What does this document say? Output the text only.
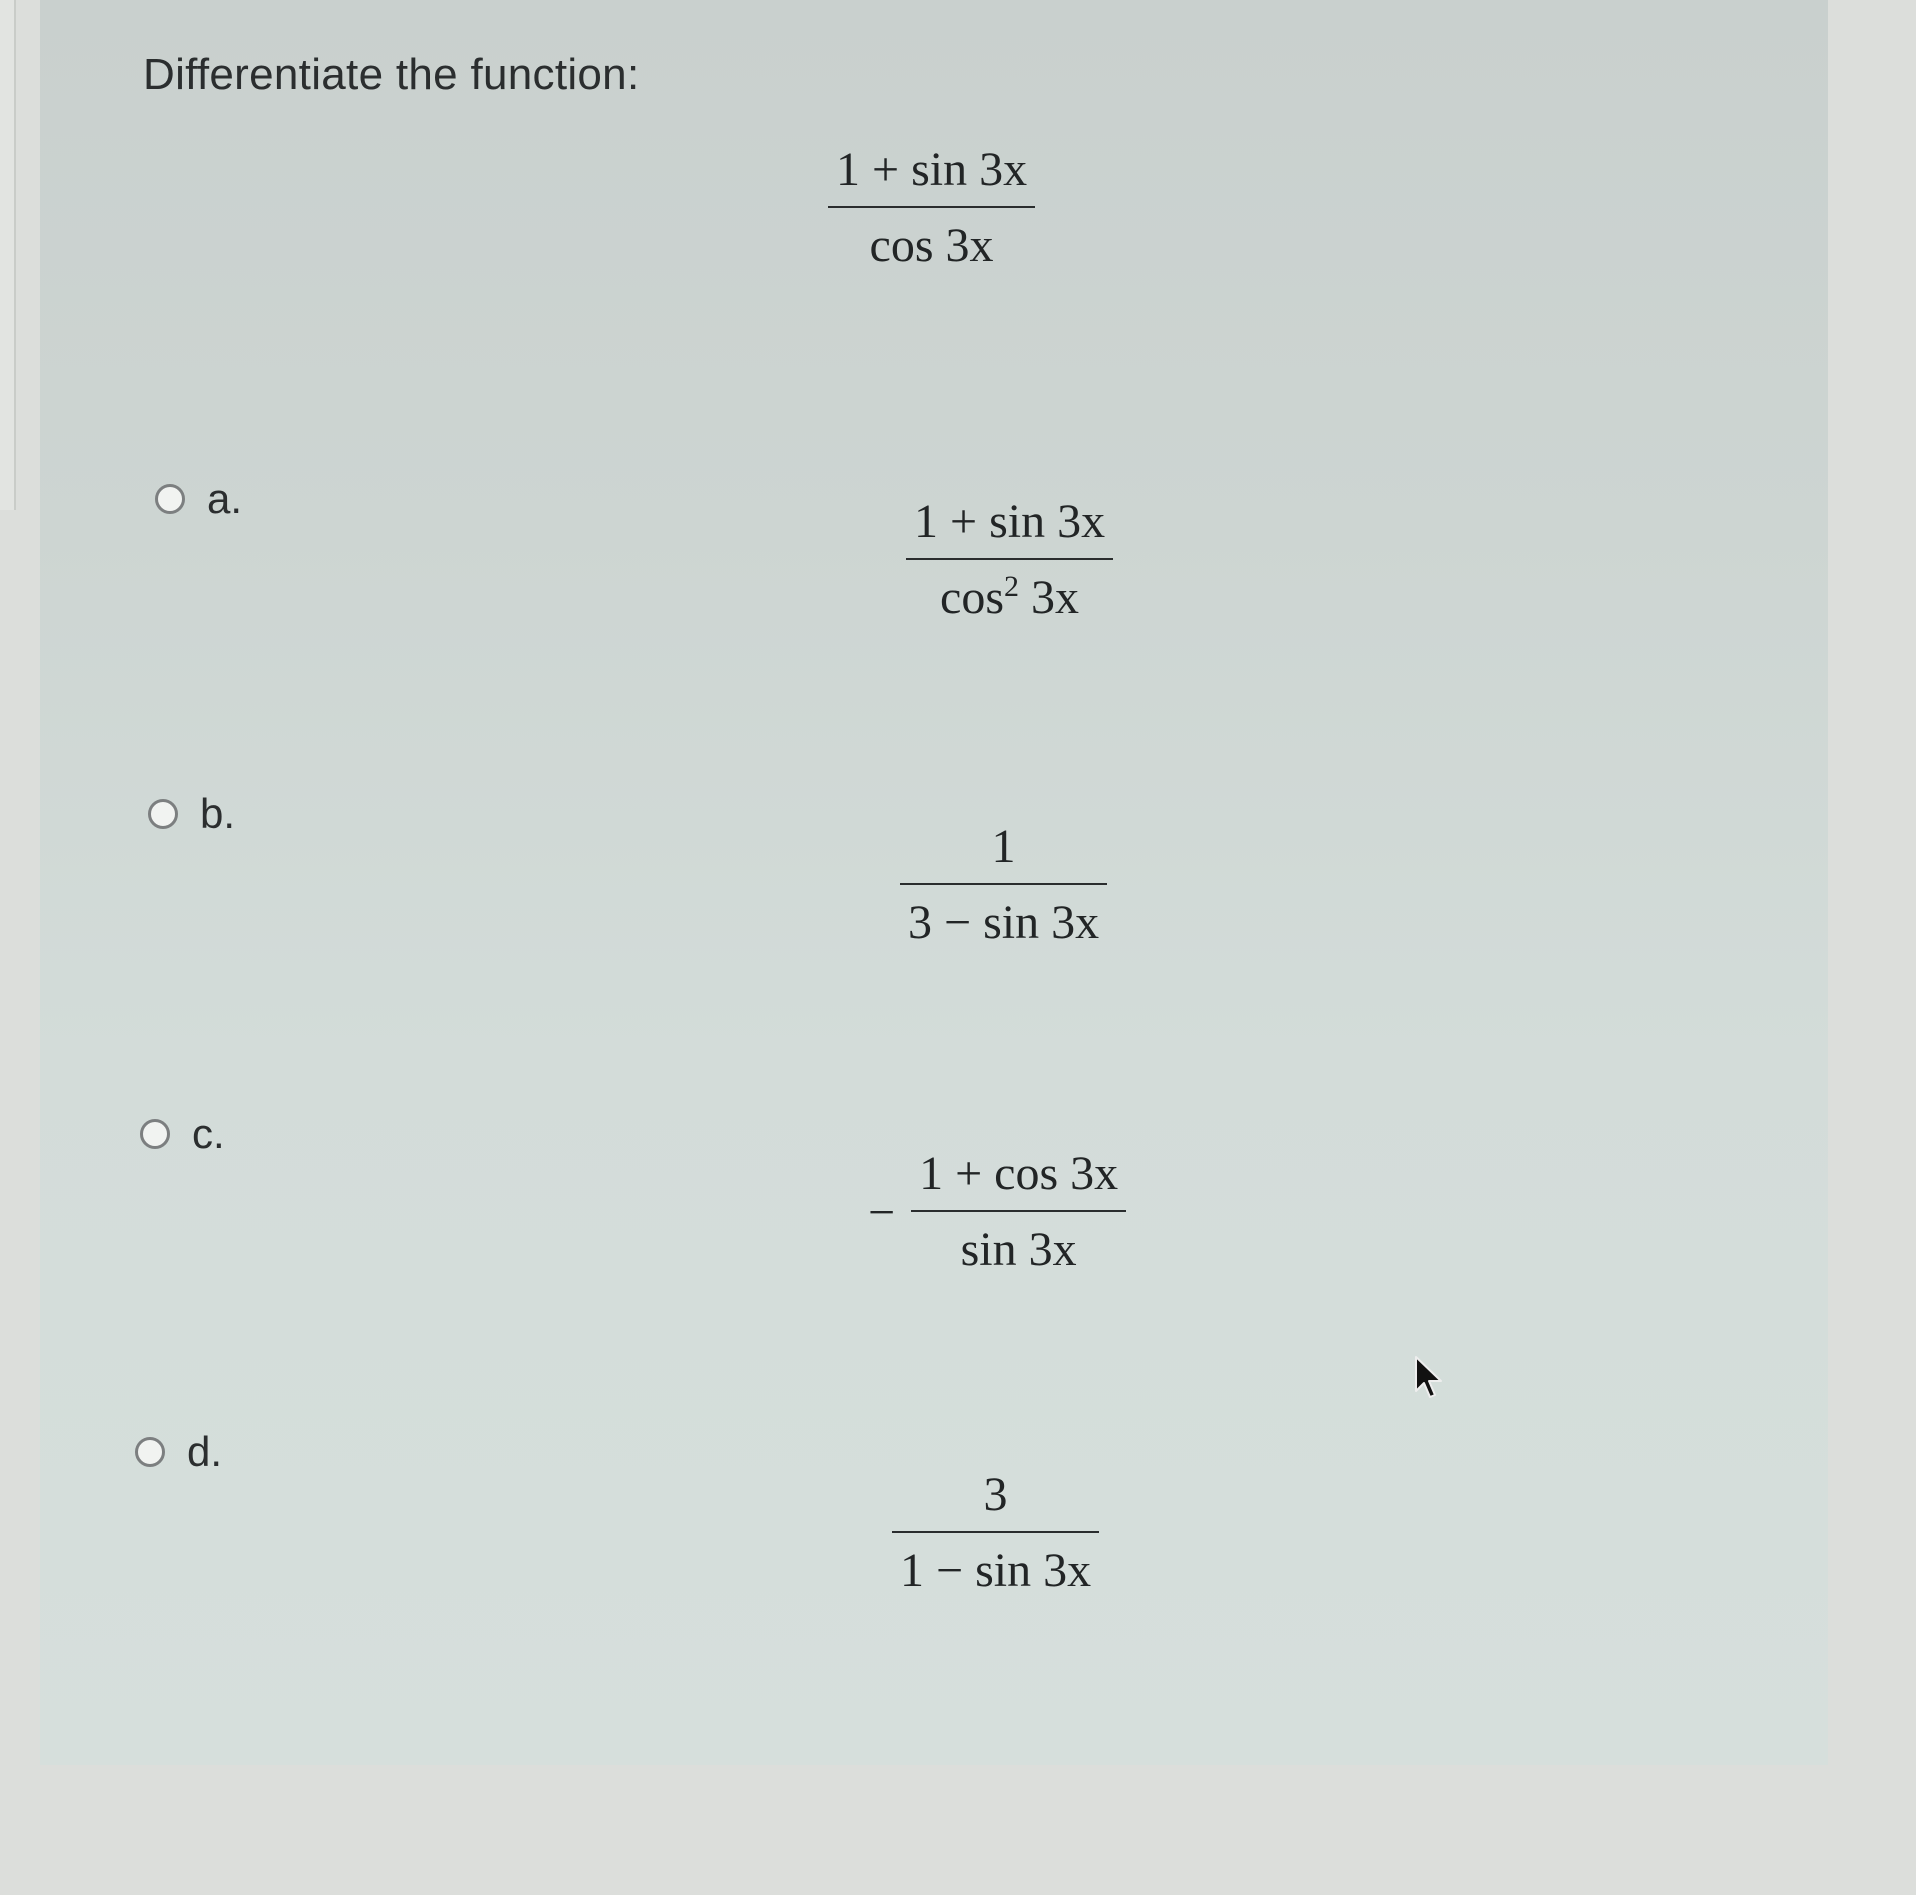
Differentiate the function:
$\frac{1 + \sin 3x}{\cos 3x}$
a.	$\frac{1 + \sin 3x}{\cos^2 3x}$
b.
$\frac{1}{3 - \sin 3x}$
c.
− $\frac{1 + \cos 3x}{\sin 3x}$
d.
$\frac{3}{1 - \sin 3x}$
